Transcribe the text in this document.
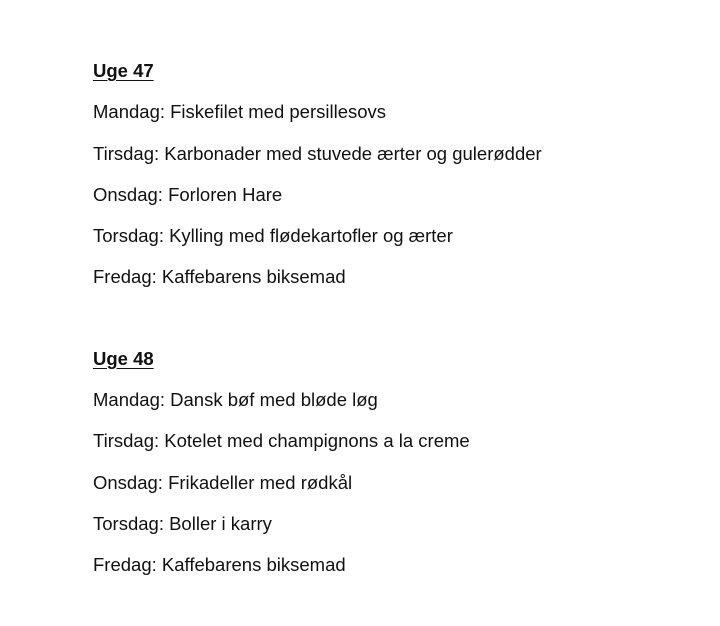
Uge 47
Mandag: Fiskefilet med persillesovs
Tirsdag: Karbonader med stuvede ærter og gulerødder
Onsdag: Forloren Hare
Torsdag: Kylling med flødekartofler og ærter
Fredag: Kaffebarens biksemad
Uge 48
Mandag: Dansk bøf med bløde løg
Tirsdag: Kotelet med champignons a la creme
Onsdag: Frikadeller med rødkål
Torsdag: Boller i karry
Fredag: Kaffebarens biksemad
